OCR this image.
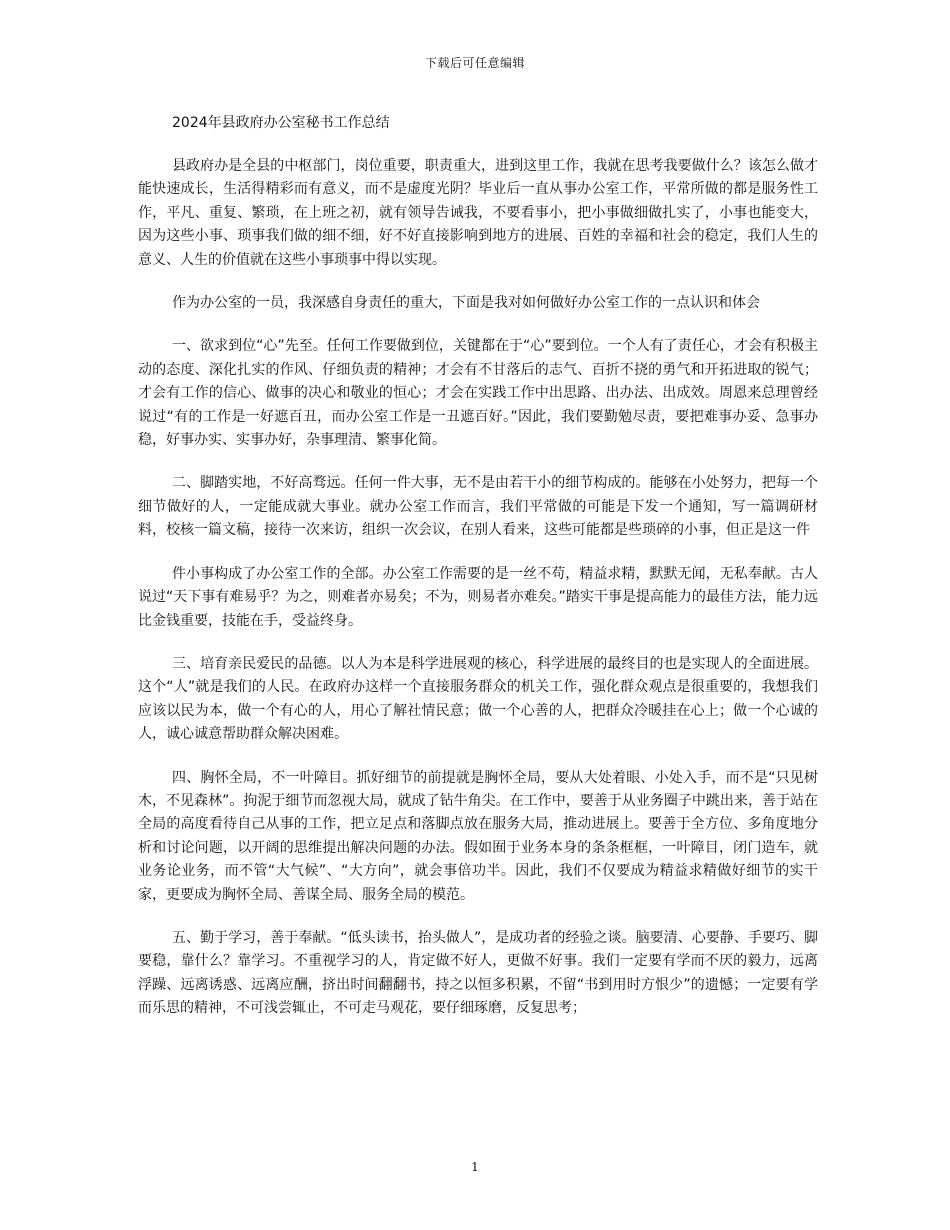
下载后可任意编辑
2024年县政府办公室秘书工作总结

县政府办是全县的中枢部门，岗位重要，职责重大，进到这里工作，我就在思考我要做什么？该怎么做才能快速成长，生活得精彩而有意义，而不是虚度光阴？毕业后一直从事办公室工作，平常所做的都是服务性工作，平凡、重复、繁琐，在上班之初，就有领导告诫我，不要看事小，把小事做细做扎实了，小事也能变大，因为这些小事、琐事我们做的细不细，好不好直接影响到地方的进展、百姓的幸福和社会的稳定，我们人生的意义、人生的价值就在这些小事琐事中得以实现。

作为办公室的一员，我深感自身责任的重大，下面是我对如何做好办公室工作的一点认识和体会

一、欲求到位“心”先至。任何工作要做到位，关键都在于“心”要到位。一个人有了责任心，才会有积极主动的态度、深化扎实的作风、仔细负责的精神；才会有不甘落后的志气、百折不挠的勇气和开拓进取的锐气；才会有工作的信心、做事的决心和敬业的恒心；才会在实践工作中出思路、出办法、出成效。周恩来总理曾经说过“有的工作是一好遮百丑，而办公室工作是一丑遮百好。”因此，我们要勤勉尽责，要把难事办妥、急事办稳，好事办实、实事办好，杂事理清、繁事化简。

二、脚踏实地，不好高骛远。任何一件大事，无不是由若干小的细节构成的。能够在小处努力，把每一个细节做好的人，一定能成就大事业。就办公室工作而言，我们平常做的可能是下发一个通知，写一篇调研材料，校核一篇文稿，接待一次来访，组织一次会议，在别人看来，这些可能都是些琐碎的小事，但正是这一件

件小事构成了办公室工作的全部。办公室工作需要的是一丝不苟，精益求精，默默无闻，无私奉献。古人说过“天下事有难易乎？为之，则难者亦易矣；不为，则易者亦难矣。”踏实干事是提高能力的最佳方法，能力远比金钱重要，技能在手，受益终身。

三、培育亲民爱民的品德。以人为本是科学进展观的核心，科学进展的最终目的也是实现人的全面进展。这个“人”就是我们的人民。在政府办这样一个直接服务群众的机关工作，强化群众观点是很重要的，我想我们应该以民为本，做一个有心的人，用心了解社情民意；做一个心善的人，把群众冷暖挂在心上；做一个心诚的人，诚心诚意帮助群众解决困难。

四、胸怀全局，不一叶障目。抓好细节的前提就是胸怀全局，要从大处着眼、小处入手，而不是“只见树木，不见森林”。拘泥于细节而忽视大局，就成了钻牛角尖。在工作中，要善于从业务圈子中跳出来，善于站在全局的高度看待自己从事的工作，把立足点和落脚点放在服务大局，推动进展上。要善于全方位、多角度地分析和讨论问题，以开阔的思维提出解决问题的办法。假如囿于业务本身的条条框框，一叶障目，闭门造车，就业务论业务，而不管“大气候”、“大方向”，就会事倍功半。因此，我们不仅要成为精益求精做好细节的实干家，更要成为胸怀全局、善谋全局、服务全局的模范。

五、勤于学习，善于奉献。“低头读书，抬头做人”，是成功者的经验之谈。脑要清、心要静、手要巧、脚要稳，靠什么？靠学习。不重视学习的人，肯定做不好人，更做不好事。我们一定要有学而不厌的毅力，远离浮躁、远离诱惑、远离应酬，挤出时间翻翻书，持之以恒多积累，不留“书到用时方恨少”的遗憾；一定要有学而乐思的精神，不可浅尝辄止，不可走马观花，要仔细琢磨，反复思考；

1
